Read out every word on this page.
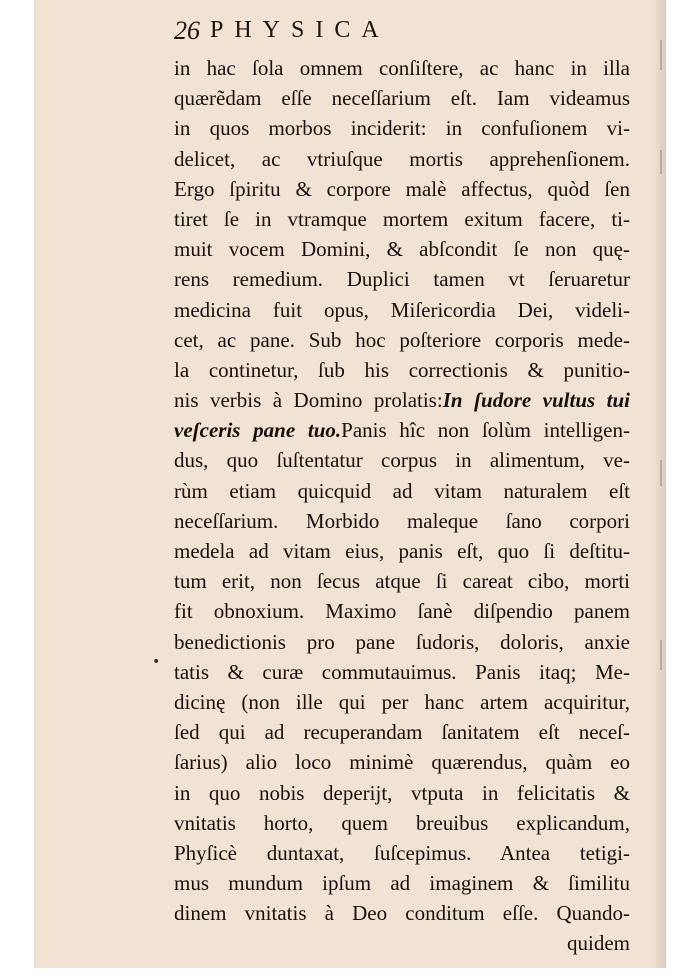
26 PHYSICA
in hac ſola omnem conſiſtere, ac hanc in illa
quærẽdam eſſe neceſſarium eſt. Iam videamus
in quos morbos inciderit: in confuſionem vi-
delicet, ac vtriuſque mortis apprehenſionem.
Ergo ſpiritu & corpore malè affectus, quòd ſen
tiret ſe in vtramque mortem exitum facere, ti-
muit vocem Domini, & abſcondit ſe non quę-
rens remedium. Duplici tamen vt ſeruaretur
medicina fuit opus, Miſericordia Dei, videli-
cet, ac pane. Sub hoc poſteriore corporis mede-
la continetur, ſub his correctionis & punitio-
nis verbis à Domino prolatis:In ſudore vultus tui
veſceris pane tuo.Panis hîc non ſolùm intelligen-
dus, quo ſuſtentatur corpus in alimentum, ve-
rùm etiam quicquid ad vitam naturalem eſt
neceſſarium. Morbido maleque ſano corpori
medela ad vitam eius, panis eſt, quo ſi deſtitu-
tum erit, non ſecus atque ſi careat cibo, morti
fit obnoxium. Maximo ſanè diſpendio panem
benedictionis pro pane ſudoris, doloris, anxie
tatis & curæ commutauimus. Panis itaq; Me-
dicinę (non ille qui per hanc artem acquiritur,
ſed qui ad recuperandam ſanitatem eſt neceſ-
ſarius) alio loco minimè quærendus, quàm eo
in quo nobis deperijt, vtputa in felicitatis &
vnitatis horto, quem breuibus explicandum,
Phyſicè duntaxat, ſuſcepimus. Antea tetigi-
mus mundum ipſum ad imaginem & ſimilitu
dinem vnitatis à Deo conditum eſſe. Quando-
quidem
•
